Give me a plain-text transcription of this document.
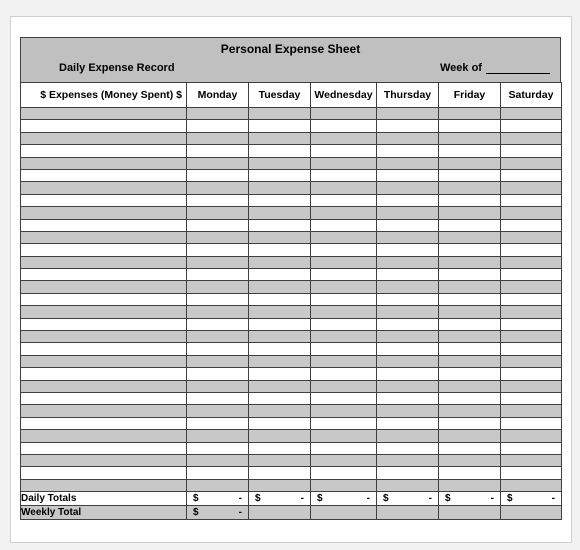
Personal Expense Sheet
Daily Expense Record	Week of
$ Expenses (Money Spent) $	Monday	Tuesday	Wednesday	Thursday	Friday	Saturday

Daily Totals	$ -	$ -	$ -	$ -	$ -	$ -

Weekly Total	$ -					
